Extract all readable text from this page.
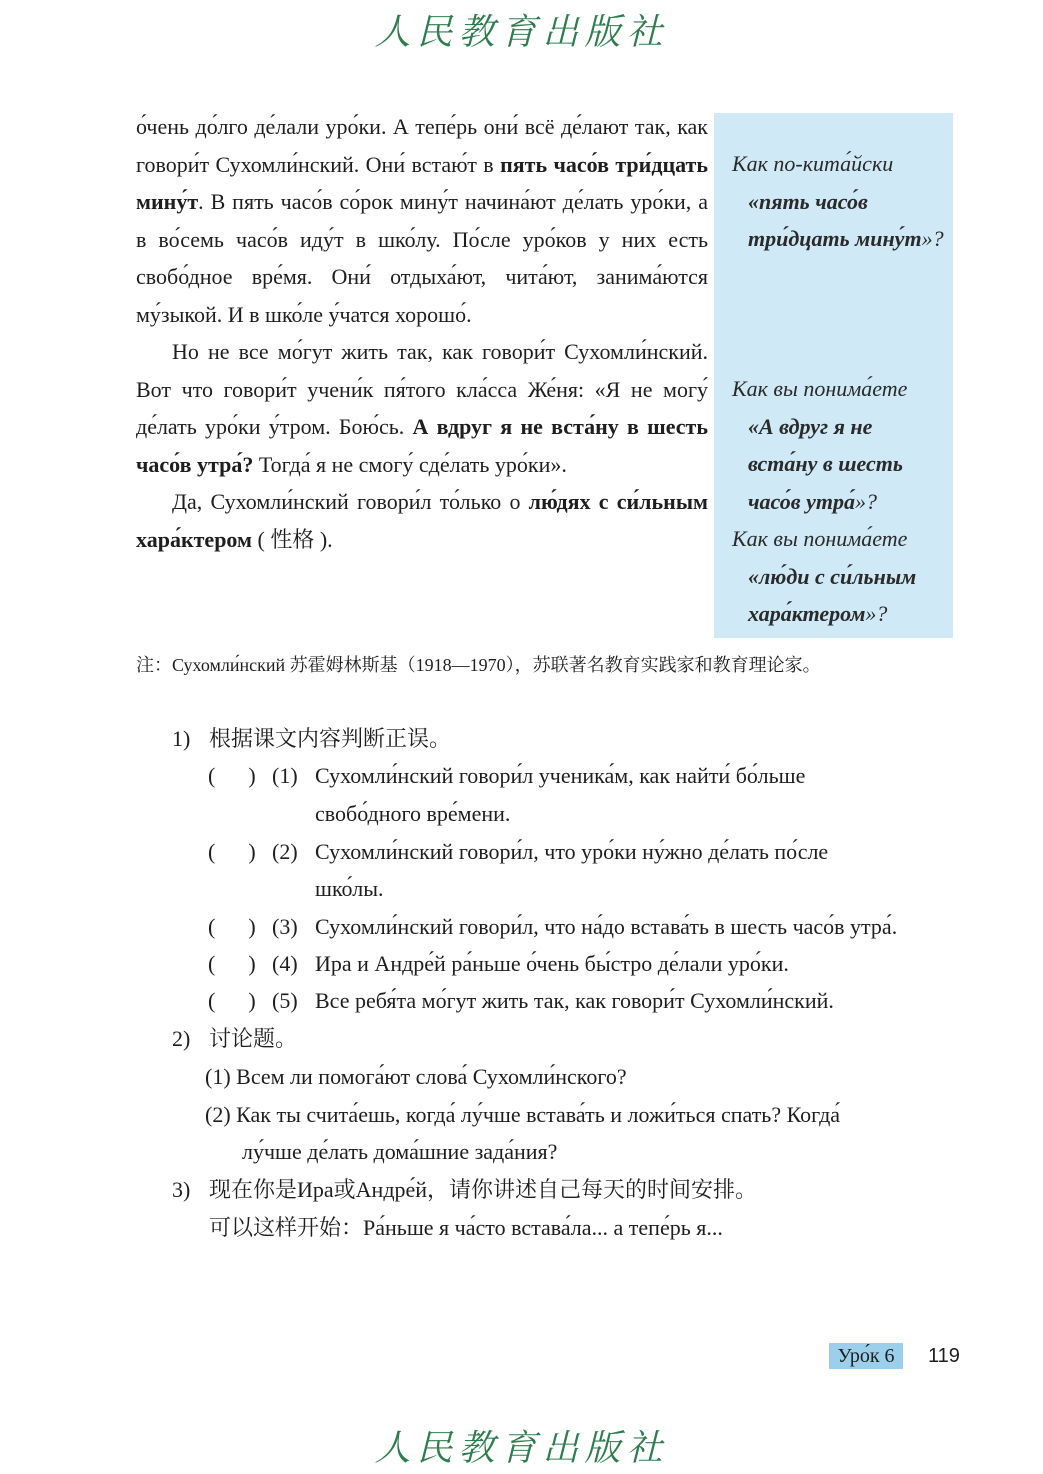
人民教育出版社
Как по-кита́йски
«пять часо́в три́дцать мину́т»?
Как вы понима́ете
«А вдруг я не вста́ну в шесть часо́в утра́»?
Как вы понима́ете
«лю́ди с си́льным хара́ктером»?

о́чень до́лго де́лали уро́ки. А тепе́рь они́ всё де́лают так, как говори́т Сухомли́нский. Они́ встаю́т в пять часо́в три́дцать мину́т. В пять часо́в со́рок мину́т начина́ют де́лать уро́ки, а в во́семь часо́в иду́т в шко́лу. По́сле уро́ков у них есть свобо́дное вре́мя. Они́ отдыха́ют, чита́ют, занима́ются му́зыкой. И в шко́ле у́чатся хорошо́.

Но не все мо́гут жить так, как говори́т Сухомли́нский. Вот что говори́т учени́к пя́того кла́сса Же́ня: «Я не могу́ де́лать уро́ки у́тром. Бою́сь. А вдруг я не вста́ну в шесть часо́в утра́? Тогда́ я не смогу́ сде́лать уро́ки».

Да, Сухомли́нский говори́л то́лько о лю́дях с си́льным хара́ктером ( 性格 ).

注：Сухомли́нский 苏霍姆林斯基（1918—1970），苏联著名教育实践家和教育理论家。
1) 根据课文内容判断正误。
(      ) (1) Сухомли́нский говори́л ученика́м, как найти́ бо́льше
свобо́дного вре́мени.
(      ) (2) Сухомли́нский говори́л, что уро́ки ну́жно де́лать по́сле
шко́лы.
(      ) (3) Сухомли́нский говори́л, что на́до встава́ть в шесть часо́в утра́.
(      ) (4) Ира и Андре́й ра́ньше о́чень бы́стро де́лали уро́ки.
(      ) (5) Все ребя́та мо́гут жить так, как говори́т Сухомли́нский.
2) 讨论题。
(1) Всем ли помога́ют слова́ Сухомли́нского?
(2) Как ты счита́ешь, когда́ лу́чше встава́ть и ложи́ться спать? Когда́
лу́чше де́лать дома́шние зада́ния?
3) 现在你是Ира或Андре́й，请你讲述自己每天的时间安排。
可以这样开始：Ра́ньше я ча́сто встава́ла... а тепе́рь я...
Уро́к 6	119
人民教育出版社
